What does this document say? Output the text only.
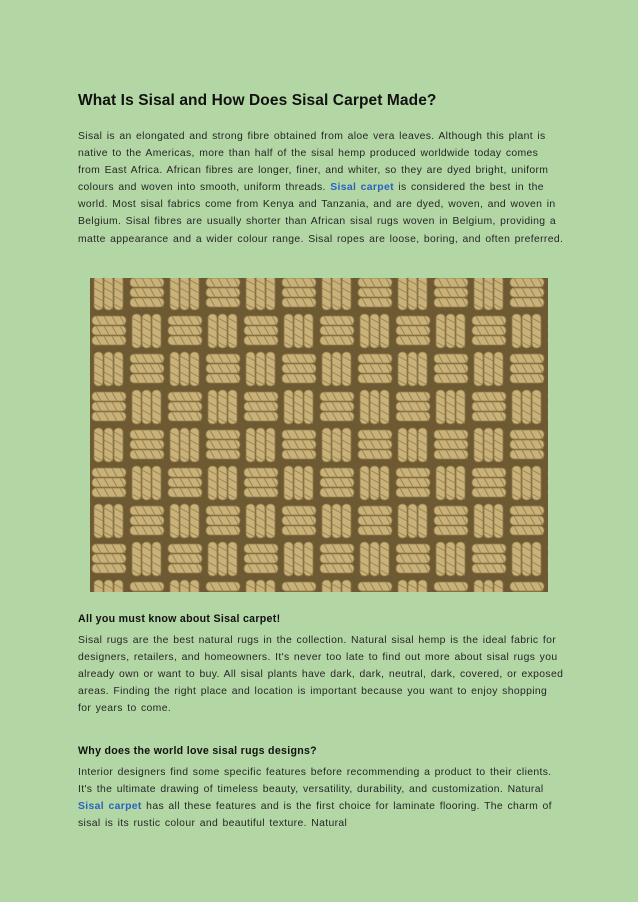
What Is Sisal and How Does Sisal Carpet Made?

Sisal is an elongated and strong fibre obtained from aloe vera leaves. Although this plant is native to the Americas, more than half of the sisal hemp produced worldwide today comes from East Africa. African fibres are longer, finer, and whiter, so they are dyed bright, uniform colours and woven into smooth, uniform threads. Sisal carpet is considered the best in the world. Most sisal fabrics come from Kenya and Tanzania, and are dyed, woven, and woven in Belgium. Sisal fibres are usually shorter than African sisal rugs woven in Belgium, providing a matte appearance and a wider colour range. Sisal ropes are loose, boring, and often preferred.

All you must know about Sisal carpet!

Sisal rugs are the best natural rugs in the collection. Natural sisal hemp is the ideal fabric for designers, retailers, and homeowners. It's never too late to find out more about sisal rugs you already own or want to buy. All sisal plants have dark, dark, neutral, dark, covered, or exposed areas. Finding the right place and location is important because you want to enjoy shopping for years to come.

Why does the world love sisal rugs designs?

Interior designers find some specific features before recommending a product to their clients. It's the ultimate drawing of timeless beauty, versatility, durability, and customization. Natural Sisal carpet has all these features and is the first choice for laminate flooring. The charm of sisal is its rustic colour and beautiful texture. Natural
